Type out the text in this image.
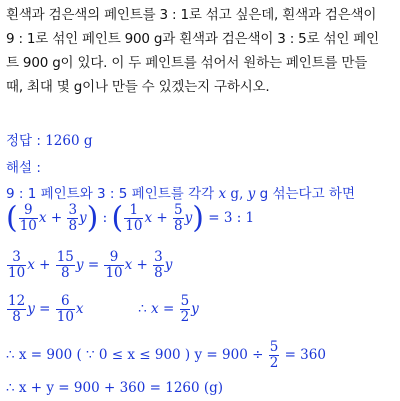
흰색과 검은색의 페인트를 3 : 1로 섞고 싶은데, 흰색과 검은색이
9 : 1로 섞인 페인트 900 g과 흰색과 검은색이 3 : 5로 섞인 페인
트 900 g이 있다. 이 두 페인트를 섞어서 원하는 페인트를 만들
때, 최대 몇 g이나 만들 수 있겠는지 구하시오.
정답 : 1260 g
해설 :
9 : 1 페인트와 3 : 5 페인트를 각각 x g, y g 섞는다고 하면
( $\frac{9}{10}$ $x + \frac{3}{8} y$) : ( $\frac{1}{10}$ $x + \frac{5}{8} y) = 3$ : 1
$\frac{3}{10}$ $x + \frac{15}{8}$ $y = \frac{9}{10}$ $x + \frac{3}{8}$ y
$\frac{12}{8}$ $y = \frac{6}{10}$ x	∴ $x = \frac{5}{2}$ y
∴ x = 900 ( ∵ 0 ≤ x ≤ 900 ) $y = 900 \div \frac{5}{2} = 360$
∴ x + y = 900 + 360 = 1260 (g)
